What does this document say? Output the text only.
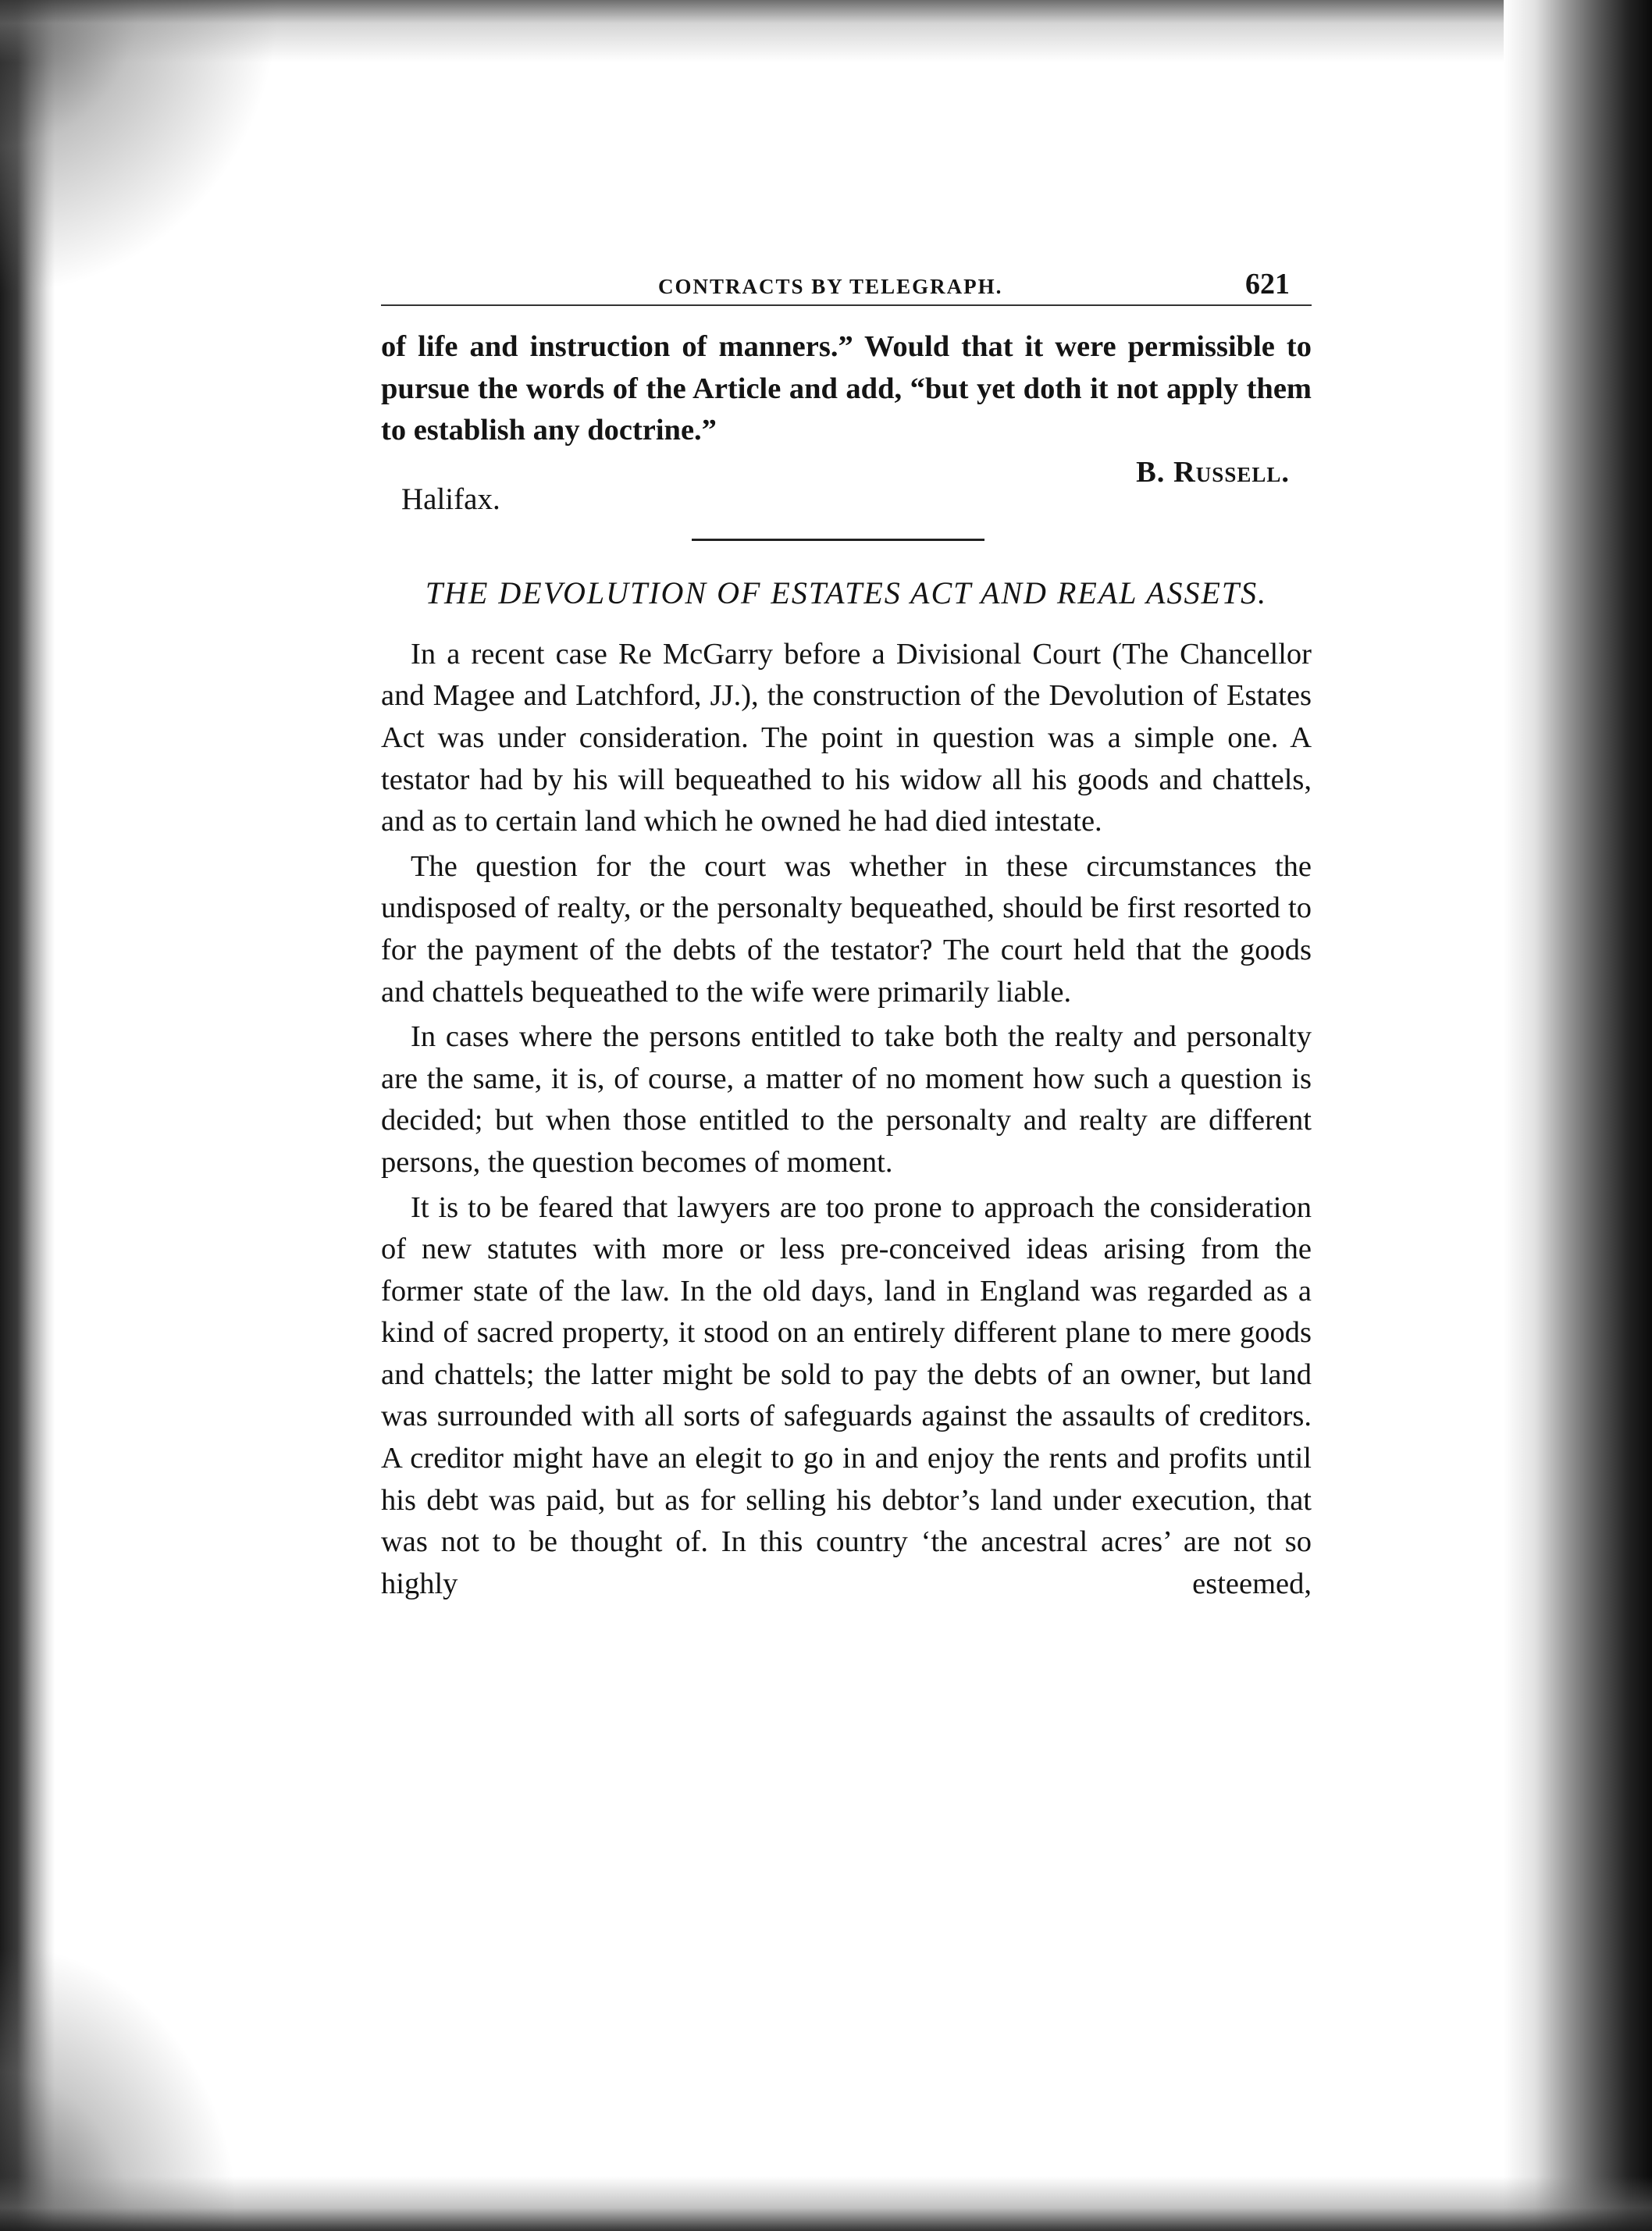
CONTRACTS BY TELEGRAPH.	621

of life and instruction of manners.” Would that it were permissible to pursue the words of the Article and add, “but yet doth it not apply them to establish any doctrine.”

B. Russell.
Halifax.
THE DEVOLUTION OF ESTATES ACT AND REAL ASSETS.

In a recent case Re McGarry before a Divisional Court (The Chancellor and Magee and Latchford, JJ.), the construction of the Devolution of Estates Act was under consideration. The point in question was a simple one. A testator had by his will bequeathed to his widow all his goods and chattels, and as to certain land which he owned he had died intestate.

The question for the court was whether in these circumstances the undisposed of realty, or the personalty bequeathed, should be first resorted to for the payment of the debts of the testator? The court held that the goods and chattels bequeathed to the wife were primarily liable.

In cases where the persons entitled to take both the realty and personalty are the same, it is, of course, a matter of no moment how such a question is decided; but when those entitled to the personalty and realty are different persons, the question becomes of moment.

It is to be feared that lawyers are too prone to approach the consideration of new statutes with more or less pre-conceived ideas arising from the former state of the law. In the old days, land in England was regarded as a kind of sacred property, it stood on an entirely different plane to mere goods and chattels; the latter might be sold to pay the debts of an owner, but land was surrounded with all sorts of safeguards against the assaults of creditors. A creditor might have an elegit to go in and enjoy the rents and profits until his debt was paid, but as for selling his debtor’s land under execution, that was not to be thought of. In this country ‘the ancestral acres’ are not so highly esteemed,
